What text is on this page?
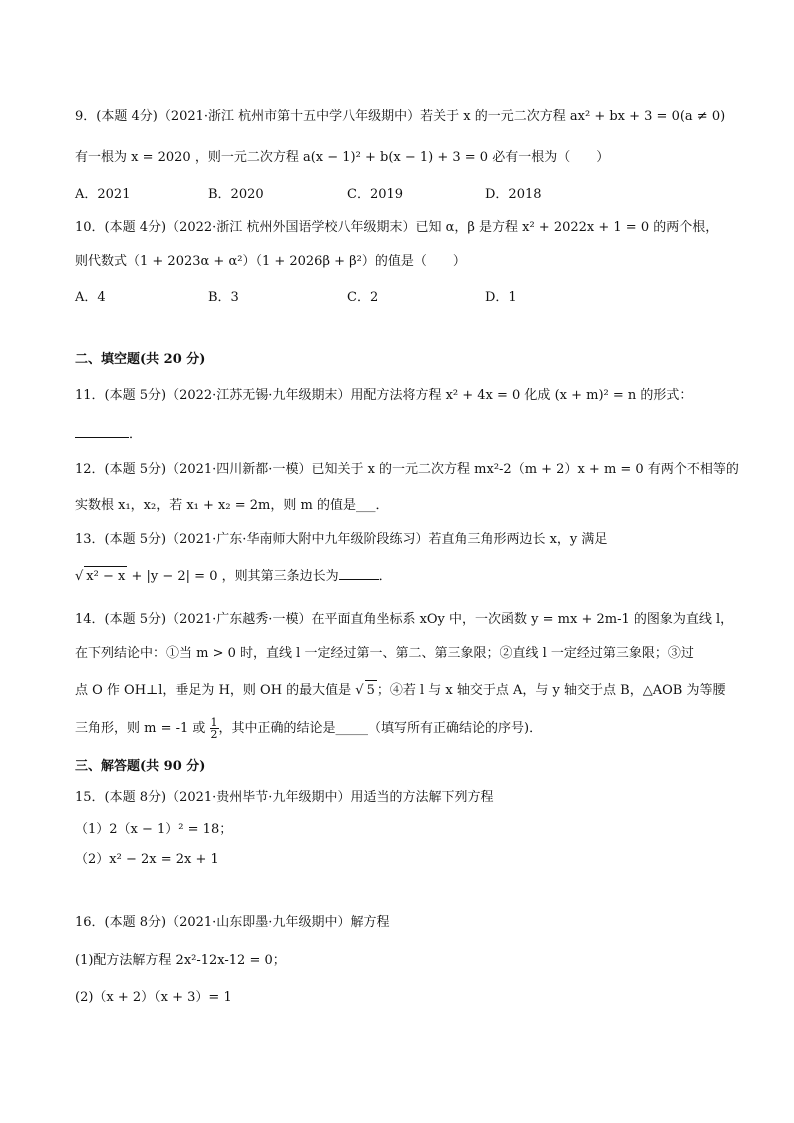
9．(本题 4分)（2021·浙江 杭州市第十五中学八年级期中）若关于 x 的一元二次方程 ax² + bx + 3 = 0(a ≠ 0)
有一根为 x = 2020 ，则一元二次方程 a(x − 1)² + b(x − 1) + 3 = 0 必有一根为（　　）
A．2021	B．2020	C．2019	D．2018
10．(本题 4分)（2022·浙江 杭州外国语学校八年级期末）已知 α，β 是方程 x² + 2022x + 1 = 0 的两个根，
则代数式（1 + 2023α + α²）（1 + 2026β + β²）的值是（　　）
A．4	B．3	C．2	D．1
二、填空题(共 20 分)
11．(本题 5分)（2022·江苏无锡·九年级期末）用配方法将方程 x² + 4x = 0 化成 (x + m)² = n 的形式：
．
12．(本题 5分)（2021·四川新都·一模）已知关于 x 的一元二次方程 mx²-2（m + 2）x + m = 0 有两个不相等的
实数根 x₁，x₂，若 x₁ + x₂ = 2m，则 m 的值是___．
13．(本题 5分)（2021·广东·华南师大附中九年级阶段练习）若直角三角形两边长 x，y 满足
√ x² − x + |y − 2| = 0 ，则其第三条边长为	．
14．(本题 5分)（2021·广东越秀·一模）在平面直角坐标系 xOy 中，一次函数 y = mx + 2m-1 的图象为直线 l，
在下列结论中：①当 m > 0 时，直线 l 一定经过第一、第二、第三象限；②直线 l 一定经过第三象限；③过
点 O 作 OH⊥l，垂足为 H，则 OH 的最大值是 √ 5 ；④若 l 与 x 轴交于点 A，与 y 轴交于点 B，△AOB 为等腰
三角形，则 m = -1 或 $\frac{1}{2}$ ，其中正确的结论是_____（填写所有正确结论的序号)．
三、解答题(共 90 分)
15．(本题 8分)（2021·贵州毕节·九年级期中）用适当的方法解下列方程
（1）2（x − 1）² = 18；
（2）x² − 2x = 2x + 1
16．(本题 8分)（2021·山东即墨·九年级期中）解方程
(1)配方法解方程 2x²-12x-12 = 0；
(2)（x + 2）（x + 3）= 1
